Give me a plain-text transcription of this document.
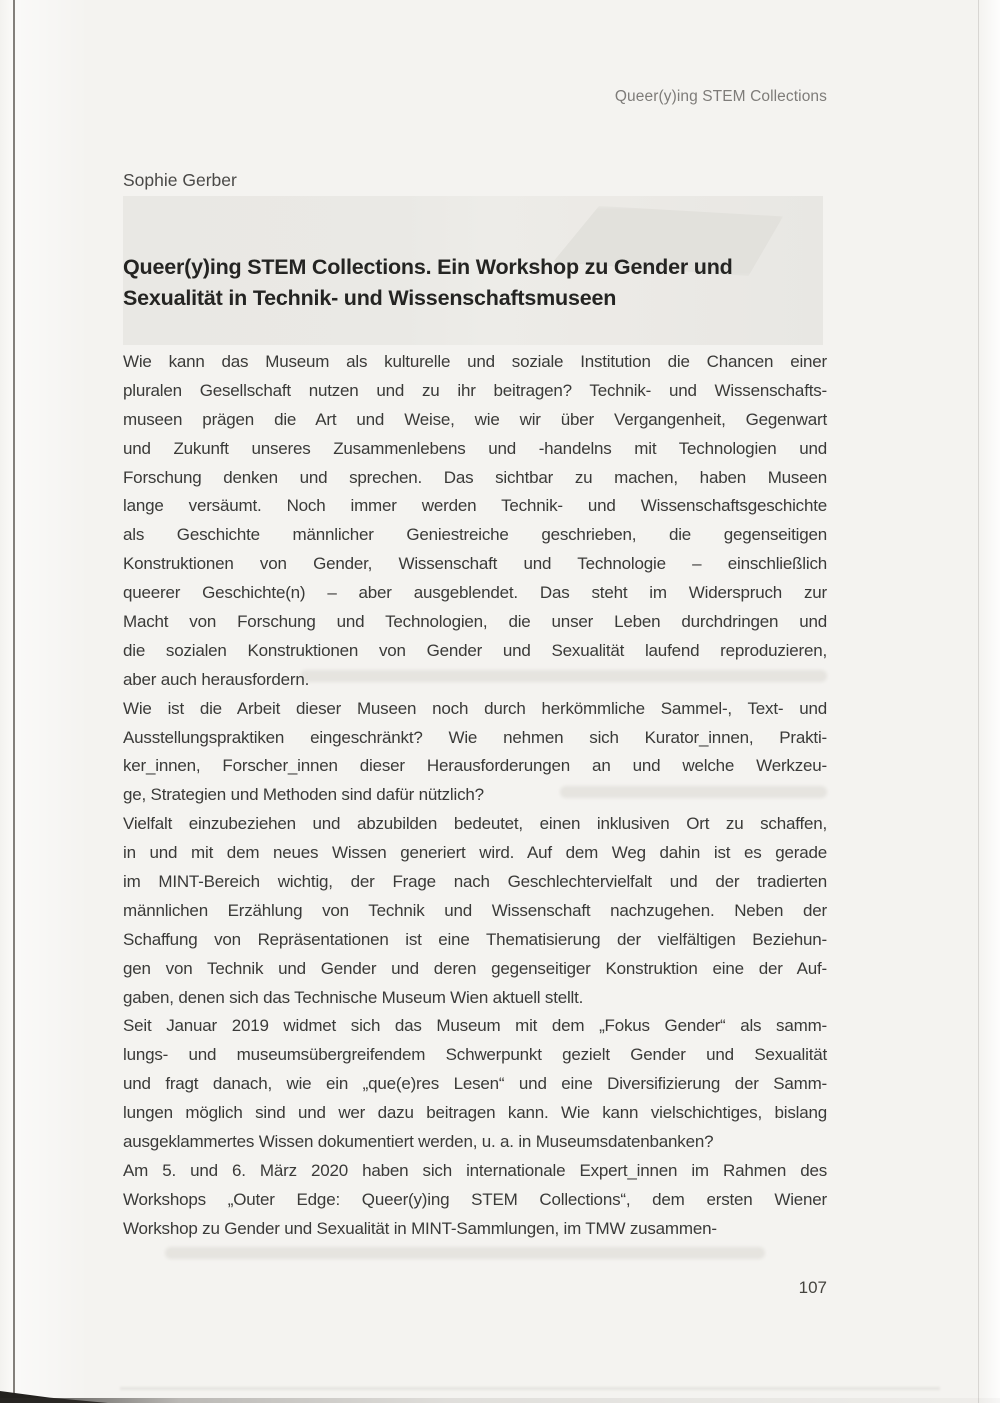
Queer(y)ing STEM Collections
Sophie Gerber
Queer(y)ing STEM Collections. Ein Workshop zu Gender und
Sexualität in Technik- und Wissenschaftsmuseen
Wie kann das Museum als kulturelle und soziale Institution die Chancen einer
pluralen Gesellschaft nutzen und zu ihr beitragen? Technik- und Wissenschafts-
museen prägen die Art und Weise, wie wir über Vergangenheit, Gegenwart
und Zukunft unseres Zusammenlebens und -handelns mit Technologien und
Forschung denken und sprechen. Das sichtbar zu machen, haben Museen
lange versäumt. Noch immer werden Technik- und Wissenschaftsgeschichte
als Geschichte männlicher Geniestreiche geschrieben, die gegenseitigen
Konstruktionen von Gender, Wissenschaft und Technologie – einschließlich
queerer Geschichte(n) – aber ausgeblendet. Das steht im Widerspruch zur
Macht von Forschung und Technologien, die unser Leben durchdringen und
die sozialen Konstruktionen von Gender und Sexualität laufend reproduzieren,
aber auch herausfordern.
Wie ist die Arbeit dieser Museen noch durch herkömmliche Sammel-, Text- und
Ausstellungspraktiken eingeschränkt? Wie nehmen sich Kurator_innen, Prakti-
ker_innen, Forscher_innen dieser Herausforderungen an und welche Werkzeu-
ge, Strategien und Methoden sind dafür nützlich?
Vielfalt einzubeziehen und abzubilden bedeutet, einen inklusiven Ort zu schaffen,
in und mit dem neues Wissen generiert wird. Auf dem Weg dahin ist es gerade
im MINT-Bereich wichtig, der Frage nach Geschlechtervielfalt und der tradierten
männlichen Erzählung von Technik und Wissenschaft nachzugehen. Neben der
Schaffung von Repräsentationen ist eine Thematisierung der vielfältigen Beziehun-
gen von Technik und Gender und deren gegenseitiger Konstruktion eine der Auf-
gaben, denen sich das Technische Museum Wien aktuell stellt.
Seit Januar 2019 widmet sich das Museum mit dem „Fokus Gender“ als samm-
lungs- und museumsübergreifendem Schwerpunkt gezielt Gender und Sexualität
und fragt danach, wie ein „que(e)res Lesen“ und eine Diversifizierung der Samm-
lungen möglich sind und wer dazu beitragen kann. Wie kann vielschichtiges, bislang
ausgeklammertes Wissen dokumentiert werden, u. a. in Museumsdatenbanken?
Am 5. und 6. März 2020 haben sich internationale Expert_innen im Rahmen des
Workshops „Outer Edge: Queer(y)ing STEM Collections“, dem ersten Wiener
Workshop zu Gender und Sexualität in MINT-Sammlungen, im TMW zusammen-
107
